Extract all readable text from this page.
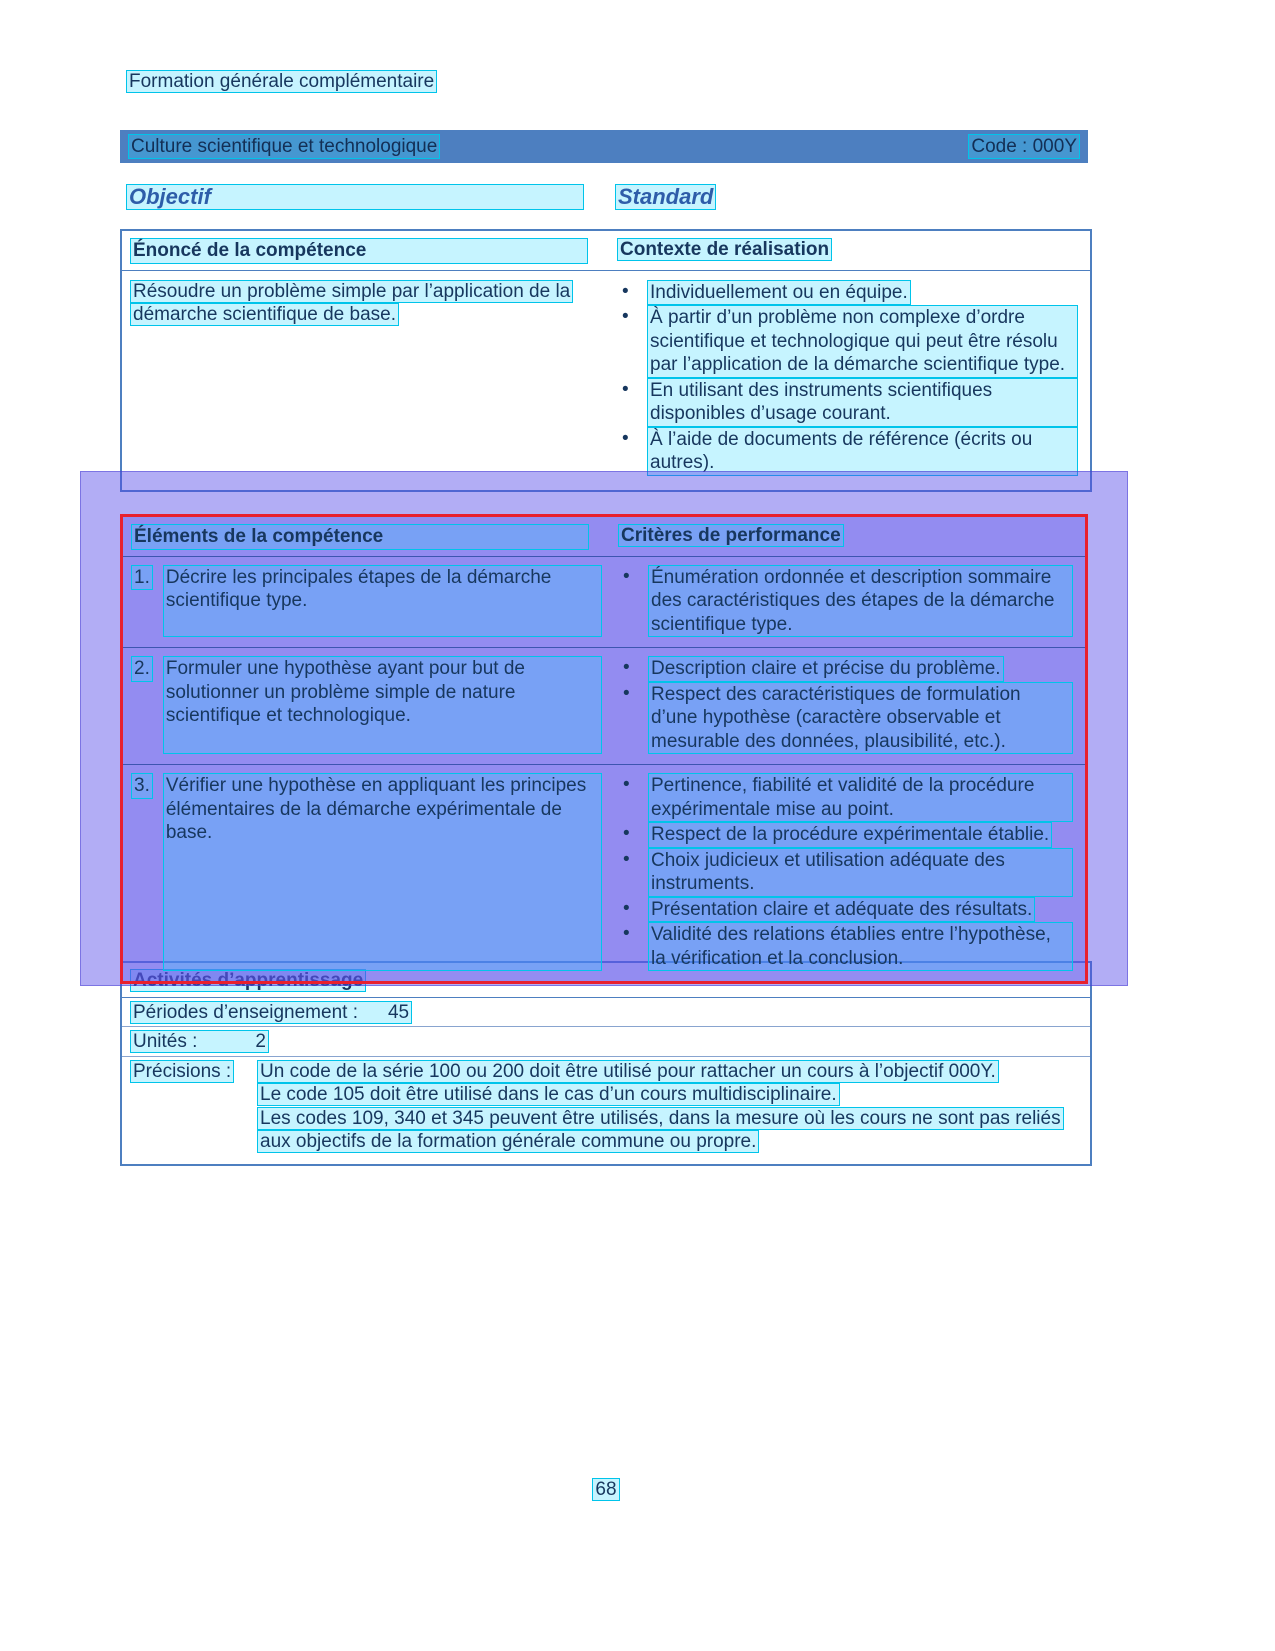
Formation générale complémentaire
Culture scientifique et technologique	Code : 000Y
Objectif	Standard
Énoncé de la compétence	Contexte de réalisation
Résoudre un problème simple par l’application de la démarche scientifique de base.
•	Individuellement ou en équipe.
•	À partir d’un problème non complexe d’ordre scientifique et technologique qui peut être résolu par l’application de la démarche scientifique type.
•	En utilisant des instruments scientifiques disponibles d’usage courant.
•	À l’aide de documents de référence (écrits ou autres).
Éléments de la compétence	Critères de performance
1. Décrire les principales étapes de la démarche scientifique type.
•	Énumération ordonnée et description sommaire des caractéristiques des étapes de la démarche scientifique type.
2. Formuler une hypothèse ayant pour but de solutionner un problème simple de nature scientifique et technologique.
•	Description claire et précise du problème.
•	Respect des caractéristiques de formulation d’une hypothèse (caractère observable et mesurable des données, plausibilité, etc.).
3. Vérifier une hypothèse en appliquant les principes élémentaires de la démarche expérimentale de base.
•	Pertinence, fiabilité et validité de la procédure expérimentale mise au point.
•	Respect de la procédure expérimentale établie.
•	Choix judicieux et utilisation adéquate des instruments.
•	Présentation claire et adéquate des résultats.
•	Validité des relations établies entre l’hypothèse, la vérification et la conclusion.
Activités d’apprentissage
Périodes d’enseignement : 45
Unités :	2
Précisions :	Un code de la série 100 ou 200 doit être utilisé pour rattacher un cours à l’objectif 000Y.
Le code 105 doit être utilisé dans le cas d’un cours multidisciplinaire.
Les codes 109, 340 et 345 peuvent être utilisés, dans la mesure où les cours ne sont pas reliés aux objectifs de la formation générale commune ou propre.
68
